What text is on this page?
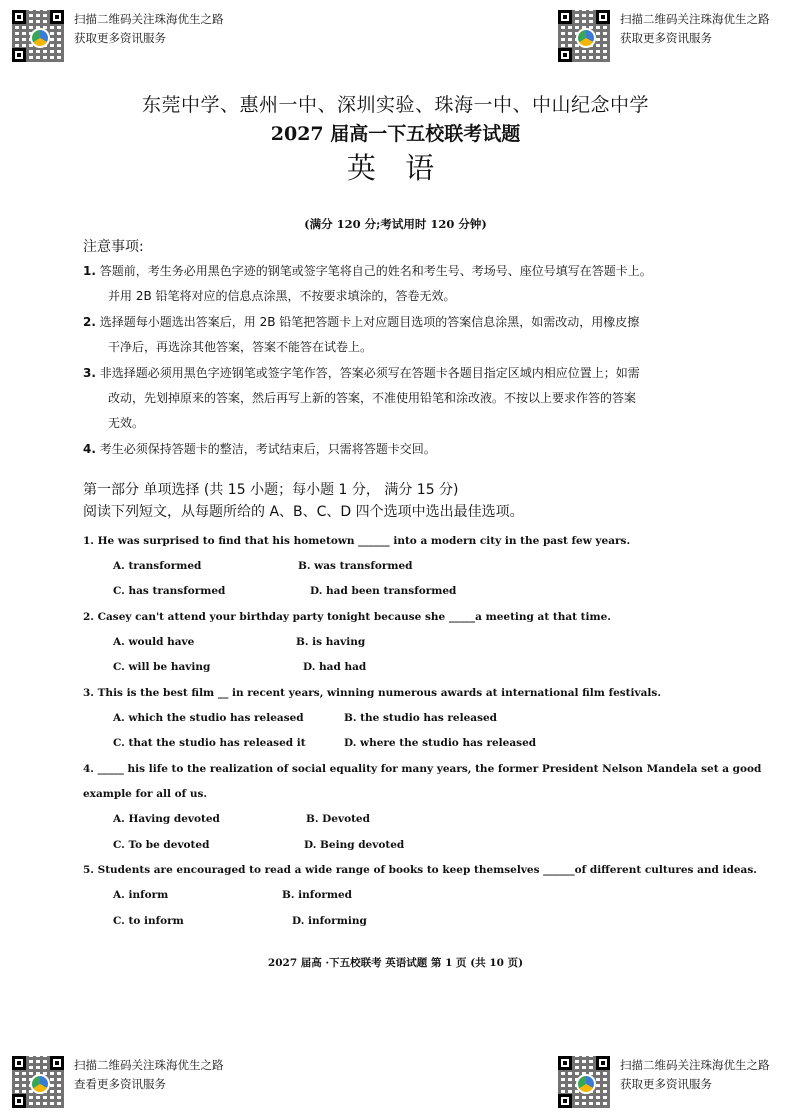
扫描二维码关注珠海优生之路
获取更多资讯服务
扫描二维码关注珠海优生之路
获取更多资讯服务
扫描二维码关注珠海优生之路
查看更多资讯服务
扫描二维码关注珠海优生之路
获取更多资讯服务
东莞中学、惠州一中、深圳实验、珠海一中、中山纪念中学
2027 届高一下五校联考试题
英 语
(满分 120 分;考试用时 120 分钟)
注意事项:
1. 答题前，考生务必用黑色字迹的钢笔或签字笔将自己的姓名和考生号、考场号、座位号填写在答题卡上。
并用 2B 铅笔将对应的信息点涂黑，不按要求填涂的，答卷无效。
2. 选择题每小题选出答案后，用 2B 铅笔把答题卡上对应题目选项的答案信息涂黑，如需改动，用橡皮擦
干净后，再选涂其他答案，答案不能答在试卷上。
3. 非选择题必须用黑色字迹钢笔或签字笔作答，答案必须写在答题卡各题目指定区域内相应位置上；如需
改动，先划掉原来的答案，然后再写上新的答案，不准使用铅笔和涂改液。不按以上要求作答的答案
无效。
4. 考生必须保持答题卡的整洁，考试结束后，只需将答题卡交回。
第一部分 单项选择 (共 15 小题；每小题 1 分， 满分 15 分)
阅读下列短文，从每题所给的 A、B、C、D 四个选项中选出最佳选项。
1. He was surprised to find that his hometown ______ into a modern city in the past few years.
A. transformed	B. was transformed
C. has transformed	D. had been transformed
2. Casey can't attend your birthday party tonight because she _____a meeting at that time.
A. would have	B. is having
C. will be having	D. had had
3. This is the best film __ in recent years, winning numerous awards at international film festivals.
A. which the studio has released	B. the studio has released
C. that the studio has released it	D. where the studio has released
4. _____ his life to the realization of social equality for many years, the former President Nelson Mandela set a good
example for all of us.
A. Having devoted	B. Devoted
C. To be devoted	D. Being devoted
5. Students are encouraged to read a wide range of books to keep themselves ______of different cultures and ideas.
A. inform	B. informed
C. to inform	D. informing
2027 届高 ·下五校联考 英语试题 第 1 页 (共 10 页)
